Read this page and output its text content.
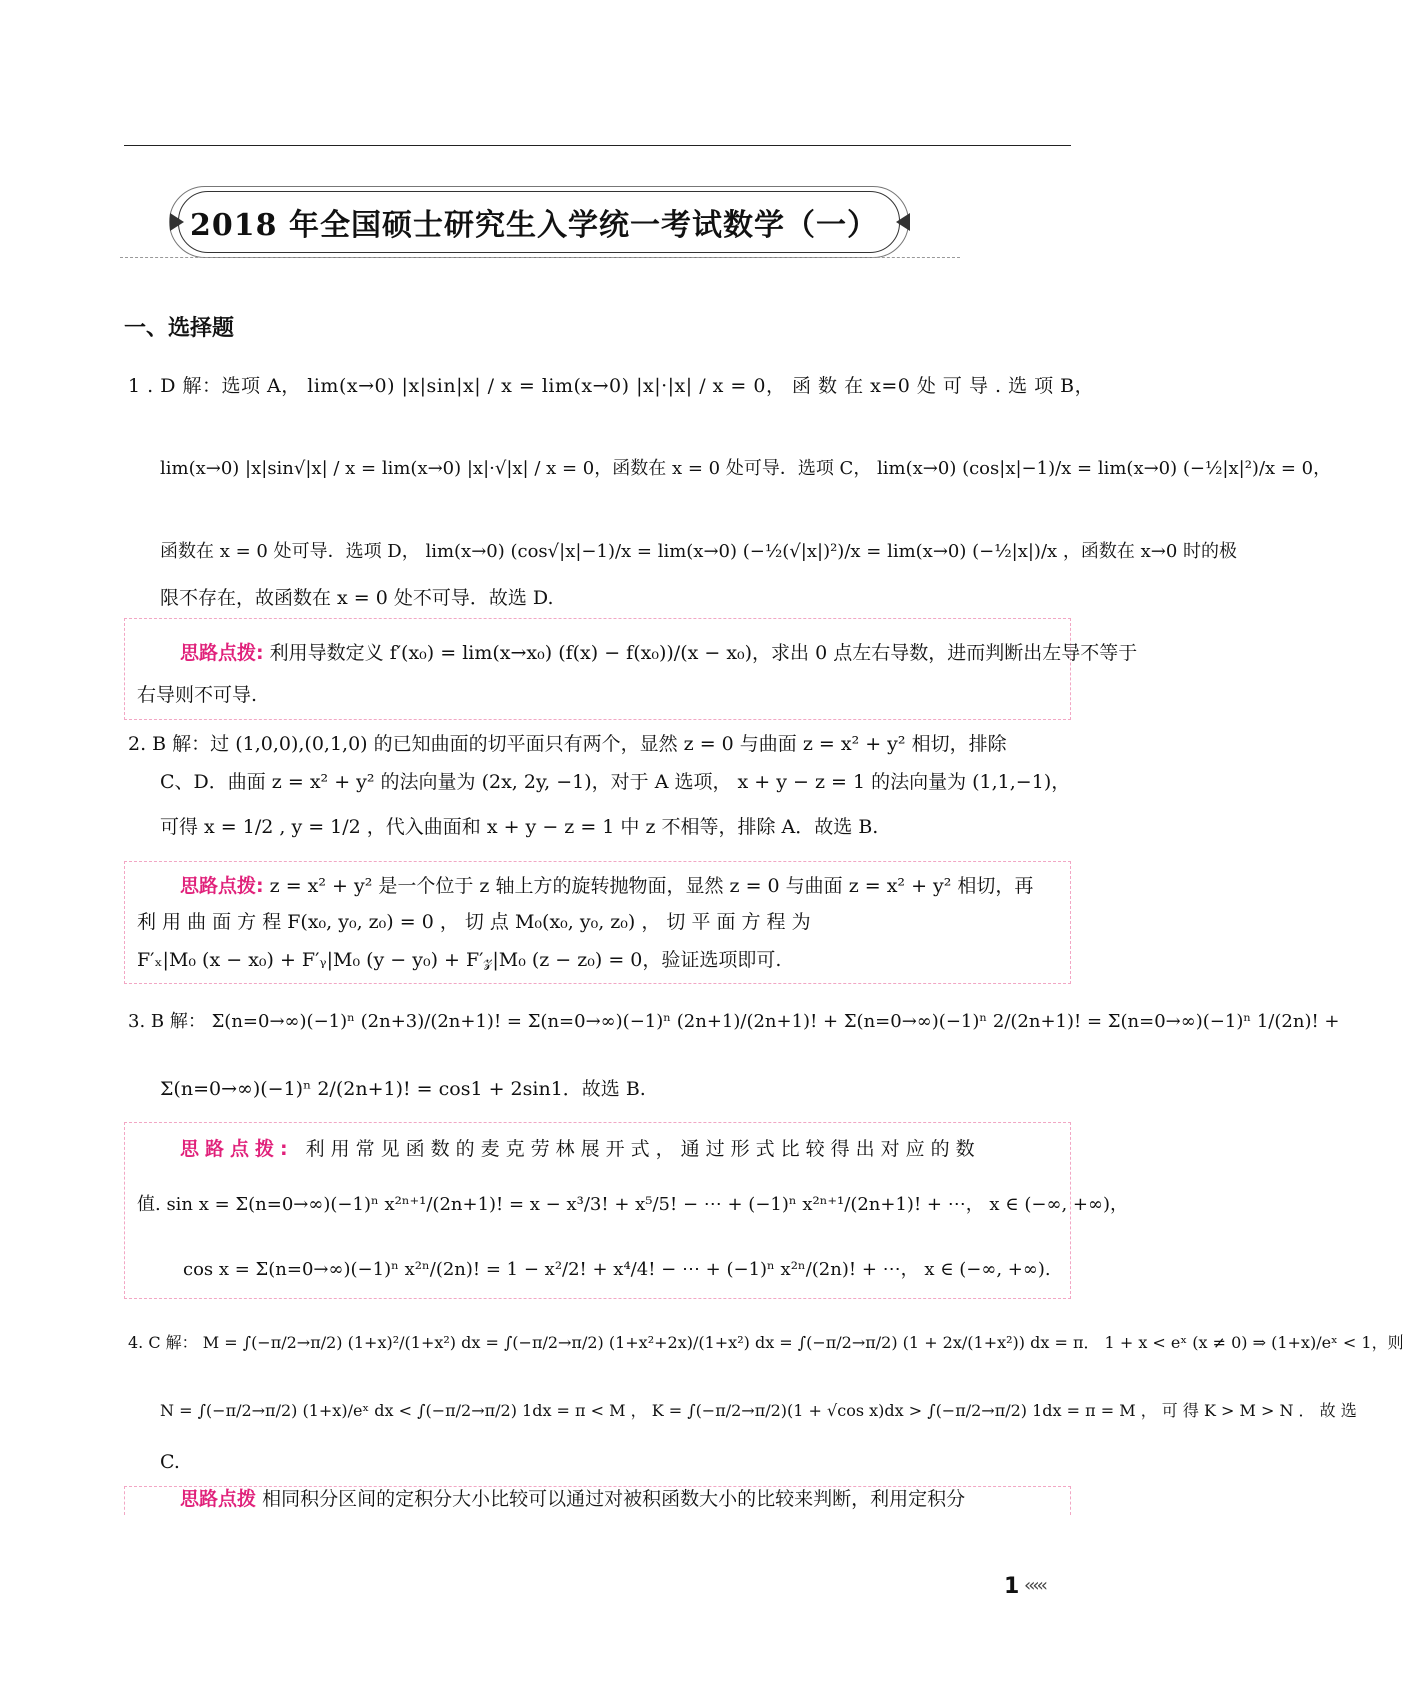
2018 年全国硕士研究生入学统一考试数学（一）
一、选择题
1 . D 解：选项 A， lim(x→0) |x|sin|x| / x = lim(x→0) |x|·|x| / x = 0， 函 数 在 x=0 处 可 导 . 选 项 B，
lim(x→0) |x|sin√|x| / x = lim(x→0) |x|·√|x| / x = 0，函数在 x = 0 处可导．选项 C， lim(x→0) (cos|x|−1)/x = lim(x→0) (−½|x|²)/x = 0，
函数在 x = 0 处可导．选项 D， lim(x→0) (cos√|x|−1)/x = lim(x→0) (−½(√|x|)²)/x = lim(x→0) (−½|x|)/x ，函数在 x→0 时的极
限不存在，故函数在 x = 0 处不可导．故选 D.
思路点拨: 利用导数定义 f′(x₀) = lim(x→x₀) (f(x) − f(x₀))/(x − x₀)，求出 0 点左右导数，进而判断出左导不等于
右导则不可导.
2. B 解：过 (1,0,0),(0,1,0) 的已知曲面的切平面只有两个，显然 z = 0 与曲面 z = x² + y² 相切，排除
C、D．曲面 z = x² + y² 的法向量为 (2x, 2y, −1)，对于 A 选项， x + y − z = 1 的法向量为 (1,1,−1)，
可得 x = 1/2 , y = 1/2 ，代入曲面和 x + y − z = 1 中 z 不相等，排除 A．故选 B.
思路点拨: z = x² + y² 是一个位于 z 轴上方的旋转抛物面，显然 z = 0 与曲面 z = x² + y² 相切，再
利 用 曲 面 方 程 F(x₀, y₀, z₀) = 0 ， 切 点 M₀(x₀, y₀, z₀) ， 切 平 面 方 程 为
F′ₓ|M₀ (x − x₀) + F′ᵧ|M₀ (y − y₀) + F′𝓏|M₀ (z − z₀) = 0，验证选项即可.
3. B 解： Σ(n=0→∞)(−1)ⁿ (2n+3)/(2n+1)! = Σ(n=0→∞)(−1)ⁿ (2n+1)/(2n+1)! + Σ(n=0→∞)(−1)ⁿ 2/(2n+1)! = Σ(n=0→∞)(−1)ⁿ 1/(2n)! +
Σ(n=0→∞)(−1)ⁿ 2/(2n+1)! = cos1 + 2sin1．故选 B.
思路点拨: 利用常见函数的麦克劳林展开式，通过形式比较得出对应的数
值. sin x = Σ(n=0→∞)(−1)ⁿ x²ⁿ⁺¹/(2n+1)! = x − x³/3! + x⁵/5! − ⋯ + (−1)ⁿ x²ⁿ⁺¹/(2n+1)! + ⋯， x ∈ (−∞, +∞)，
cos x = Σ(n=0→∞)(−1)ⁿ x²ⁿ/(2n)! = 1 − x²/2! + x⁴/4! − ⋯ + (−1)ⁿ x²ⁿ/(2n)! + ⋯， x ∈ (−∞, +∞).
4. C 解： M = ∫(−π/2→π/2) (1+x)²/(1+x²) dx = ∫(−π/2→π/2) (1+x²+2x)/(1+x²) dx = ∫(−π/2→π/2) (1 + 2x/(1+x²)) dx = π． 1 + x < eˣ (x ≠ 0) ⇒ (1+x)/eˣ < 1，则
N = ∫(−π/2→π/2) (1+x)/eˣ dx < ∫(−π/2→π/2) 1dx = π < M ， K = ∫(−π/2→π/2)(1 + √cos x)dx > ∫(−π/2→π/2) 1dx = π = M ， 可 得 K > M > N ． 故 选
C.
思路点拨 相同积分区间的定积分大小比较可以通过对被积函数大小的比较来判断，利用定积分
1 ‹‹‹‹‹
